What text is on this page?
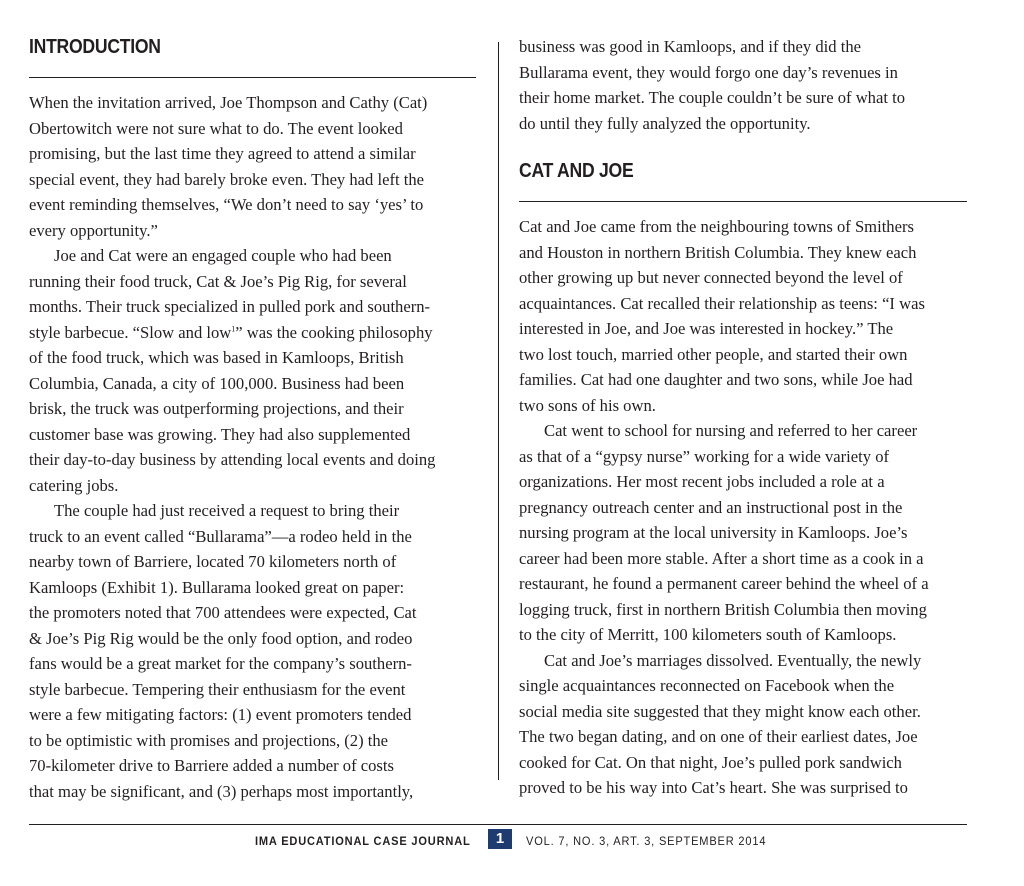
INTRODUCTION

When the invitation arrived, Joe Thompson and Cathy (Cat)
Obertowitch were not sure what to do. The event looked
promising, but the last time they agreed to attend a similar
special event, they had barely broke even. They had left the
event reminding themselves, “We don’t need to say ‘yes’ to
every opportunity.”

Joe and Cat were an engaged couple who had been
running their food truck, Cat & Joe’s Pig Rig, for several
months. Their truck specialized in pulled pork and southern-
style barbecue. “Slow and low$^1$” was the cooking philosophy
of the food truck, which was based in Kamloops, British
Columbia, Canada, a city of 100,000. Business had been
brisk, the truck was outperforming projections, and their
customer base was growing. They had also supplemented
their day-to-day business by attending local events and doing
catering jobs.

The couple had just received a request to bring their
truck to an event called “Bullarama”—a rodeo held in the
nearby town of Barriere, located 70 kilometers north of
Kamloops (Exhibit 1). Bullarama looked great on paper:
the promoters noted that 700 attendees were expected, Cat
& Joe’s Pig Rig would be the only food option, and rodeo
fans would be a great market for the company’s southern-
style barbecue. Tempering their enthusiasm for the event
were a few mitigating factors: (1) event promoters tended
to be optimistic with promises and projections, (2) the
70-kilometer drive to Barriere added a number of costs
that may be significant, and (3) perhaps most importantly,

business was good in Kamloops, and if they did the
Bullarama event, they would forgo one day’s revenues in
their home market. The couple couldn’t be sure of what to
do until they fully analyzed the opportunity.

CAT AND JOE

Cat and Joe came from the neighbouring towns of Smithers
and Houston in northern British Columbia. They knew each
other growing up but never connected beyond the level of
acquaintances. Cat recalled their relationship as teens: “I was
interested in Joe, and Joe was interested in hockey.” The
two lost touch, married other people, and started their own
families. Cat had one daughter and two sons, while Joe had
two sons of his own.

Cat went to school for nursing and referred to her career
as that of a “gypsy nurse” working for a wide variety of
organizations. Her most recent jobs included a role at a
pregnancy outreach center and an instructional post in the
nursing program at the local university in Kamloops. Joe’s
career had been more stable. After a short time as a cook in a
restaurant, he found a permanent career behind the wheel of a
logging truck, first in northern British Columbia then moving
to the city of Merritt, 100 kilometers south of Kamloops.

Cat and Joe’s marriages dissolved. Eventually, the newly
single acquaintances reconnected on Facebook when the
social media site suggested that they might know each other.
The two began dating, and on one of their earliest dates, Joe
cooked for Cat. On that night, Joe’s pulled pork sandwich
proved to be his way into Cat’s heart. She was surprised to

IMA EDUCATIONAL CASE JOURNAL	1	VOL. 7, NO. 3, ART. 3, SEPTEMBER 2014
